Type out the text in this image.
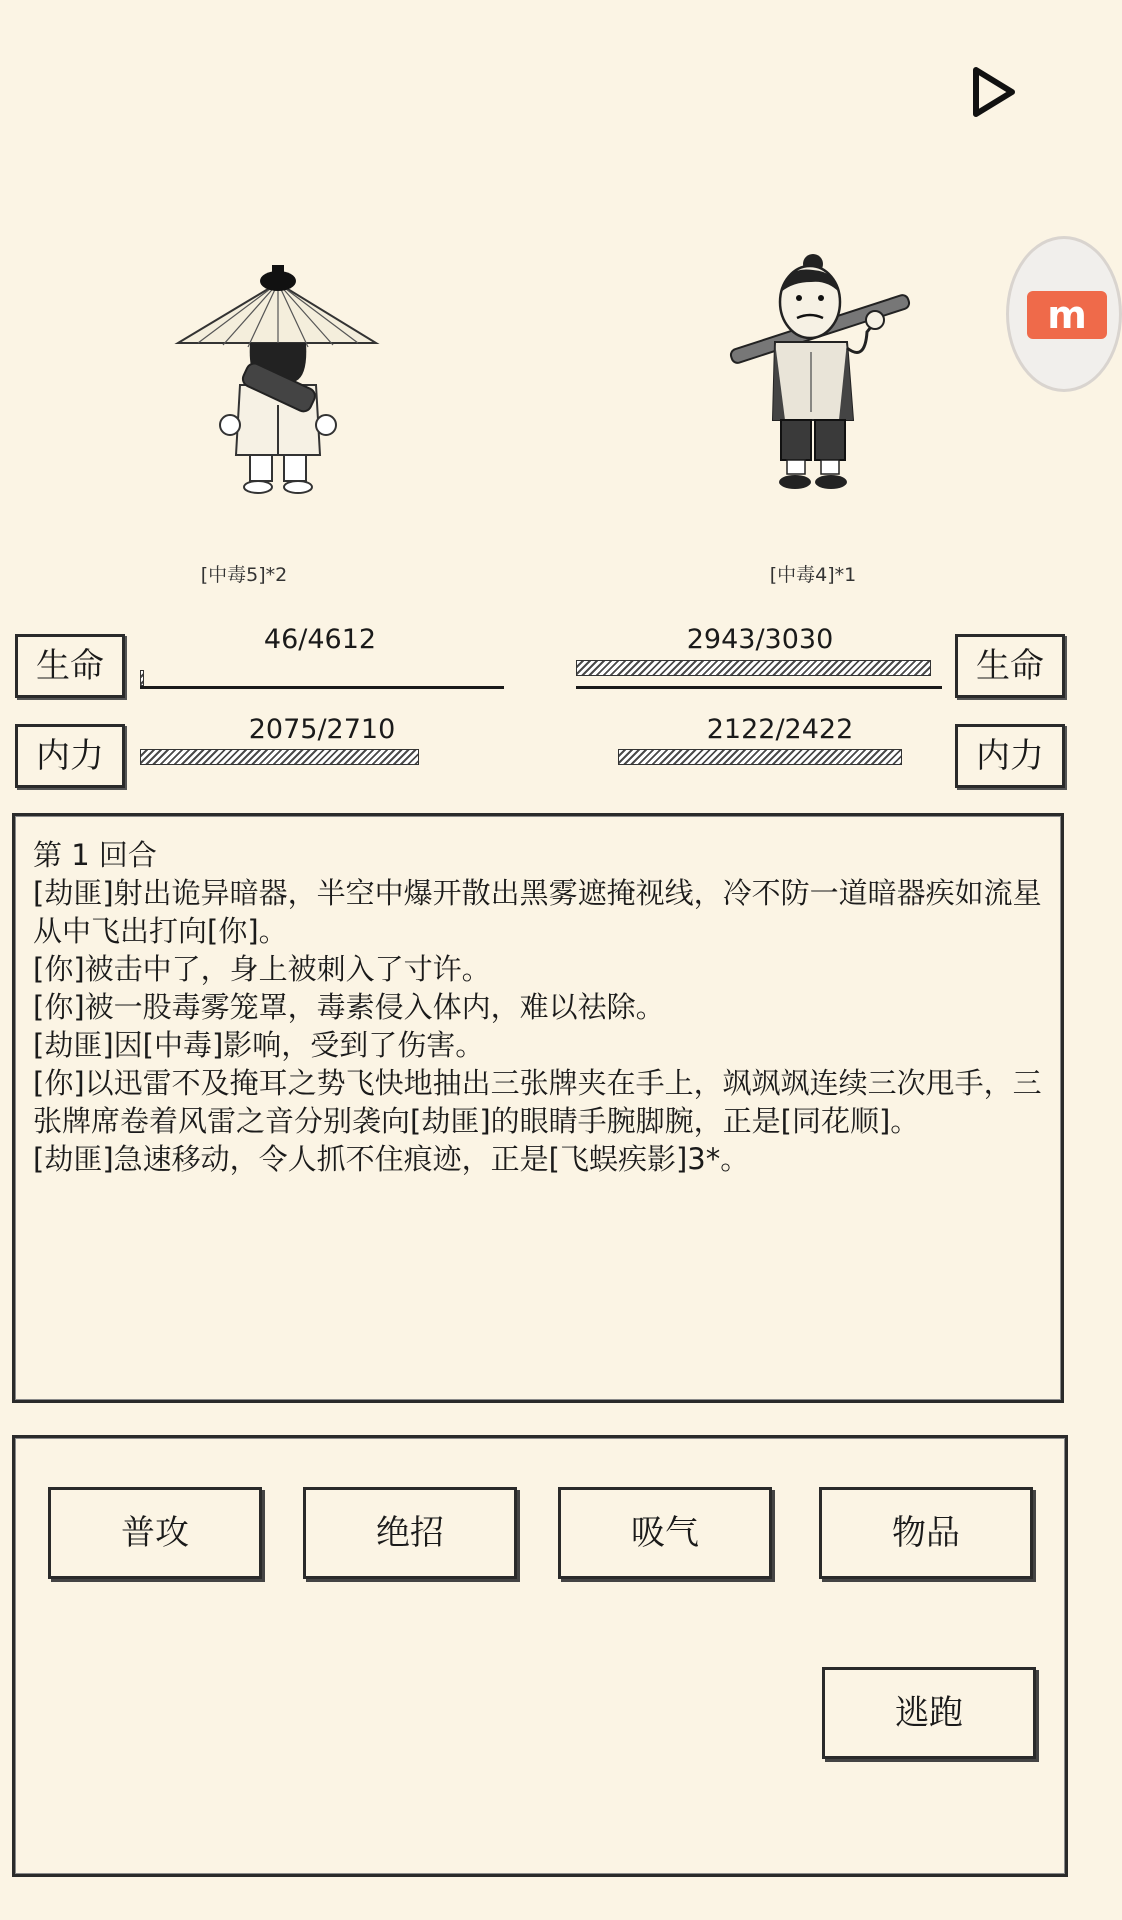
m
[中毒5]*2	[中毒4]*1
生命
46/4612	2943/3030
生命
内力
2075/2710	2122/2422
内力
第 1 回合
[劫匪]射出诡异暗器，半空中爆开散出黑雾遮掩视线，冷不防一道暗器疾如流星从中飞出打向[你]。
[你]被击中了，身上被刺入了寸许。
[你]被一股毒雾笼罩，毒素侵入体内，难以祛除。
[劫匪]因[中毒]影响，受到了伤害。
[你]以迅雷不及掩耳之势飞快地抽出三张牌夹在手上，飒飒飒连续三次甩手，三张牌席卷着风雷之音分别袭向[劫匪]的眼睛手腕脚腕，正是[同花顺]。
[劫匪]急速移动，令人抓不住痕迹，正是[飞蜈疾影]3*。
普攻	绝招	吸气	物品
逃跑
